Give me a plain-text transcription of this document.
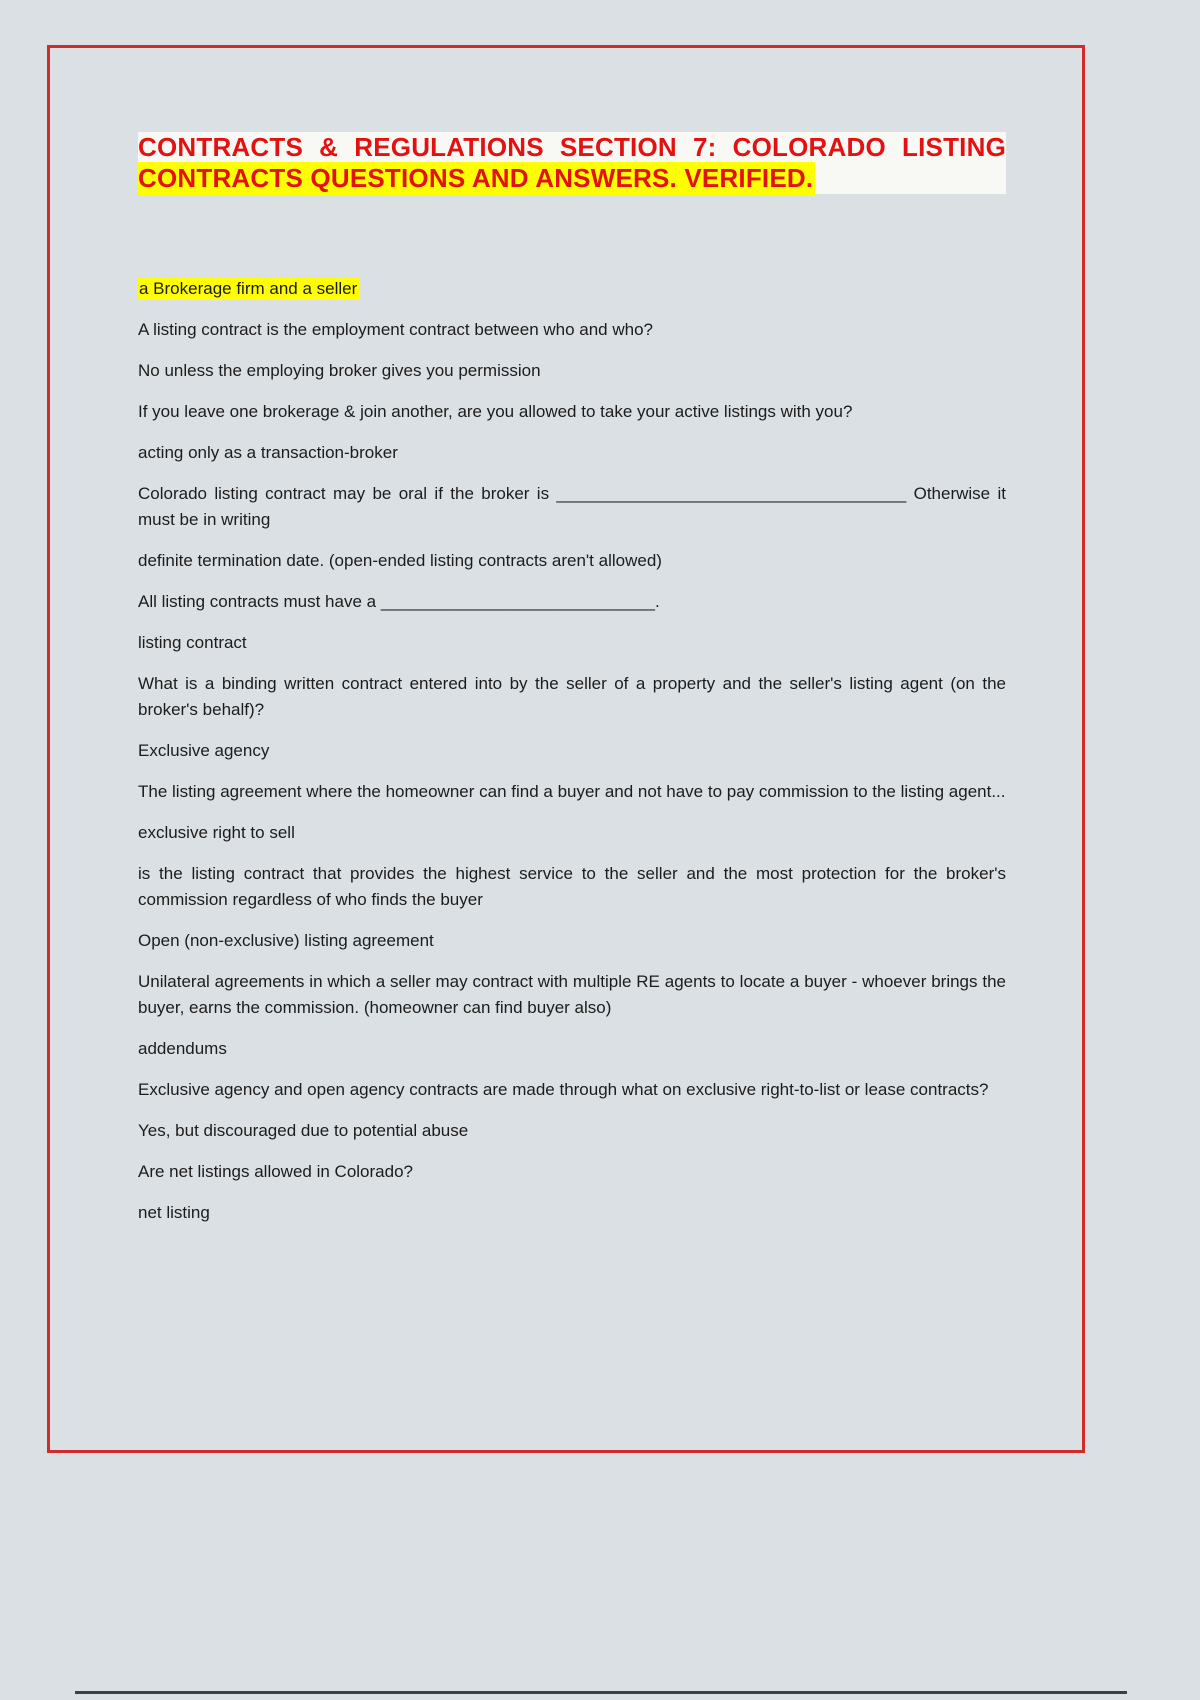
CONTRACTS & REGULATIONS SECTION 7: COLORADO LISTING
CONTRACTS QUESTIONS AND ANSWERS. VERIFIED.

a Brokerage firm and a seller

A listing contract is the employment contract between who and who?

No unless the employing broker gives you permission

If you leave one brokerage & join another, are you allowed to take your active listings with you?

acting only as a transaction-broker

Colorado listing contract may be oral if the broker is _____________________________________ Otherwise it must be in writing

definite termination date. (open-ended listing contracts aren't allowed)

All listing contracts must have a _____________________________.

listing contract

What is a binding written contract entered into by the seller of a property and the seller's listing agent (on the broker's behalf)?

Exclusive agency

The listing agreement where the homeowner can find a buyer and not have to pay commission to the listing agent...

exclusive right to sell

is the listing contract that provides the highest service to the seller and the most protection for the broker's commission regardless of who finds the buyer

Open (non-exclusive) listing agreement

Unilateral agreements in which a seller may contract with multiple RE agents to locate a buyer - whoever brings the buyer, earns the commission. (homeowner can find buyer also)

addendums

Exclusive agency and open agency contracts are made through what on exclusive right-to-list or lease contracts?

Yes, but discouraged due to potential abuse

Are net listings allowed in Colorado?

net listing
